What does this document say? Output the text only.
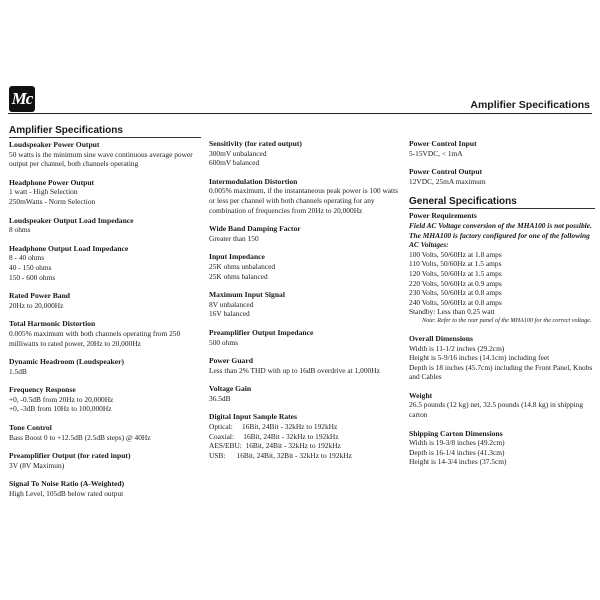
Mc	Amplifier Specifications
Amplifier Specifications
Loudspeaker Power Output
50 watts is the minimum sine wave continuous average power output per channel, both channels operating
Headphone Power Output
1 watt - High Selection
250mWatts - Norm Selection
Loudspeaker Output Load Impedance
8 ohms
Headphone Output Load Impedance
8 - 40 ohms
40 - 150 ohms
150 - 600 ohms
Rated Power Band
20Hz to 20,000Hz
Total Harmonic Distortion
0.005% maximum with both channels operating from 250 milliwatts to rated power, 20Hz to 20,000Hz
Dynamic Headroom (Loudspeaker)
1.5dB
Frequency Response
+0, -0.5dB from 20Hz to 20,000Hz
+0, -3dB from 10Hz to 100,000Hz
Tone Control
Bass Boost 0 to +12.5dB (2.5dB steps) @ 40Hz
Preamplifier Output (for rated input)
3V (8V Maximun)
Signal To Noise Ratio (A-Weighted)
High Level, 105dB below rated output
Sensitivity (for rated output)
300mV unbalanced
600mV balanced
Intermodulation Distortion
0.005% maximum, if the instantaneous peak power is 100 watts or less per channel with both channels operating for any combination of frequencies from 20Hz to 20,000Hz
Wide Band Damping Factor
Greater than 150
Input Impedance
25K ohms unbalanced
25K ohms balanced
Maximum Input Signal
8V unbalanced
16V balanced
Preamplifier Output Impedance
500 ohms
Power Guard
Less than 2% THD with up to 16dB overdrive at 1,000Hz
Voltage Gain
36.5dB
Digital Input Sample Rates
Optical:     16Bit, 24Bit - 32kHz to 192kHz
Coaxial:     16Bit, 24Bit - 32kHz to 192kHz
AES/EBU:  16Bit, 24Bit - 32kHz to 192kHz
USB:      16Bit, 24Bit, 32Bit - 32kHz to 192kHz
Power Control Input
5-15VDC, < 1mA
Power Control Output
12VDC, 25mA maximum
General Specifications
Power Requirements
Field AC Voltage conversion of the MHA100 is not possible. The MHA100 is factory configured for one of the following AC Voltages:
100 Volts, 50/60Hz at 1.8 amps
110 Volts, 50/60Hz at 1.5 amps
120 Volts, 50/60Hz at 1.5 amps
220 Volts, 50/60Hz at 0.9 amps
230 Volts, 50/60Hz at 0.8 amps
240 Volts, 50/60Hz at 0.8 amps
Standby: Less than 0.25 watt
Note: Refer to the rear panel of the MHA100 for the correct voltage.
Overall Dimensions
Width is 11-1/2 inches (29.2cm)
Height is 5-9/16 inches (14.1cm) including feet
Depth is 18 inches (45.7cm) including the Front Panel, Knobs and Cables
Weight
26.5 pounds (12 kg) net, 32.5 pounds (14.8 kg) in shipping carton
Shipping Carton Dimensions
Width is 19-3/8 inches (49.2cm)
Depth is 16-1/4 inches (41.3cm)
Height is 14-3/4 inches (37.5cm)
